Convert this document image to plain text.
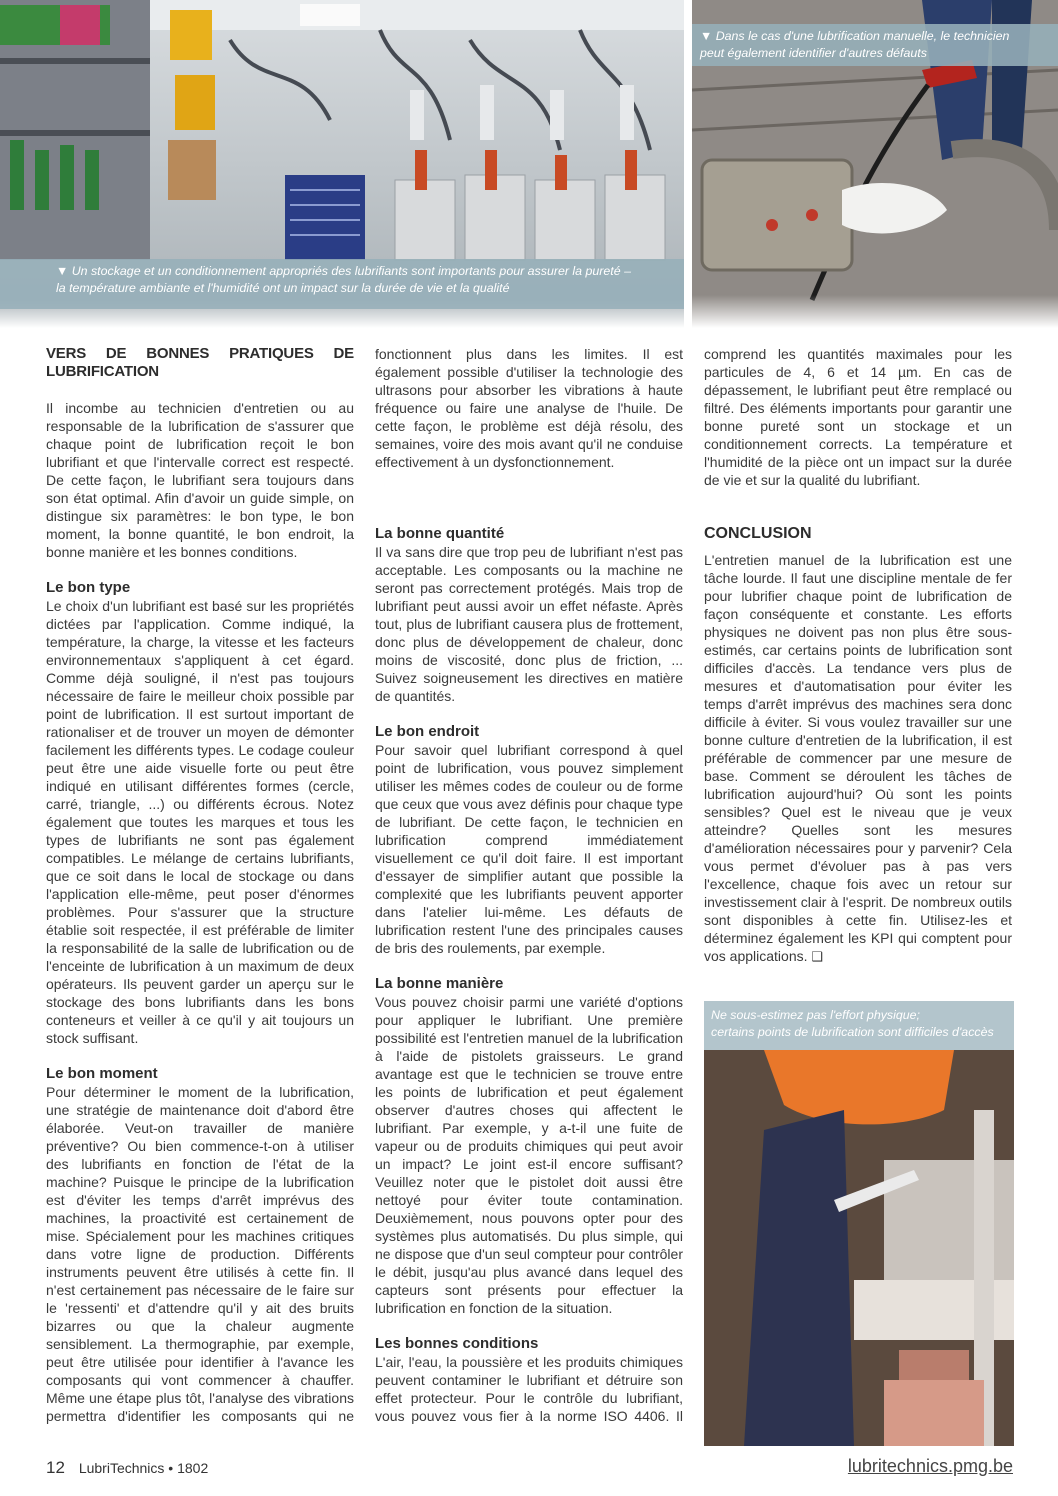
▼ Un stockage et un conditionnement appropriés des lubrifiants sont importants pour assurer la pureté –
la température ambiante et l'humidité ont un impact sur la durée de vie et la qualité
▼ Dans le cas d'une lubrification manuelle, le technicien
peut également identifier d'autres défauts
Ne sous-estimez pas l'effort physique;
certains points de lubrification sont difficiles d'accès
VERS DE BONNES PRATIQUES DE LUBRIFICATION

Il incombe au technicien d'entretien ou au responsable de la lubrification de s'assurer que chaque point de lubrification reçoit le bon lubrifiant et que l'intervalle correct est respecté. De cette façon, le lubrifiant sera toujours dans son état optimal. Afin d'avoir un guide simple, on distingue six paramètres: le bon type, le bon moment, la bonne quantité, le bon endroit, la bonne manière et les bonnes conditions.

Le bon type

Le choix d'un lubrifiant est basé sur les propriétés dictées par l'application. Comme indiqué, la température, la charge, la vitesse et les facteurs environnementaux s'appliquent à cet égard. Comme déjà souligné, il n'est pas toujours nécessaire de faire le meilleur choix possible par point de lubrification. Il est surtout important de rationaliser et de trouver un moyen de démonter facilement les différents types. Le codage couleur peut être une aide visuelle forte ou peut être indiqué en utilisant différentes formes (cercle, carré, triangle, ...) ou différents écrous. Notez également que toutes les marques et tous les types de lubrifiants ne sont pas également compatibles. Le mélange de certains lubrifiants, que ce soit dans le local de stockage ou dans l'application elle-même, peut poser d'énormes problèmes. Pour s'assurer que la structure établie soit respectée, il est préférable de limiter la responsabilité de la salle de lubrification ou de l'enceinte de lubrification à un maximum de deux opérateurs. Ils peuvent garder un aperçu sur le stockage des bons lubrifiants dans les bons conteneurs et veiller à ce qu'il y ait toujours un stock suffisant.

Le bon moment

Pour déterminer le moment de la lubrification, une stratégie de maintenance doit d'abord être élaborée. Veut-on travailler de manière préventive? Ou bien commence-t-on à utiliser des lubrifiants en fonction de l'état de la machine? Puisque le principe de la lubrification est d'éviter les temps d'arrêt imprévus des machines, la proactivité est certainement de mise. Spécialement pour les machines critiques dans votre ligne de production. Différents instruments peuvent être utilisés à cette fin. Il n'est certainement pas nécessaire de le faire sur le 'ressenti' et d'attendre qu'il y ait des bruits bizarres ou que la chaleur augmente sensiblement. La thermographie, par exemple, peut être utilisée pour identifier à l'avance les composants qui vont commencer à chauffer. Même une étape plus tôt, l'analyse des vibrations permettra d'identifier les composants qui ne

fonctionnent plus dans les limites. Il est également possible d'utiliser la technologie des ultrasons pour absorber les vibrations à haute fréquence ou faire une analyse de l'huile. De cette façon, le problème est déjà résolu, des semaines, voire des mois avant qu'il ne conduise effectivement à un dysfonctionnement.

La bonne quantité

Il va sans dire que trop peu de lubrifiant n'est pas acceptable. Les composants ou la machine ne seront pas correctement protégés. Mais trop de lubrifiant peut aussi avoir un effet néfaste. Après tout, plus de lubrifiant causera plus de frottement, donc plus de développement de chaleur, donc moins de viscosité, donc plus de friction, ... Suivez soigneusement les directives en matière de quantités.

Le bon endroit

Pour savoir quel lubrifiant correspond à quel point de lubrification, vous pouvez simplement utiliser les mêmes codes de couleur ou de forme que ceux que vous avez définis pour chaque type de lubrifiant. De cette façon, le technicien en lubrification comprend immédiatement visuellement ce qu'il doit faire. Il est important d'essayer de simplifier autant que possible la complexité que les lubrifiants peuvent apporter dans l'atelier lui-même. Les défauts de lubrification restent l'une des principales causes de bris des roulements, par exemple.

La bonne manière

Vous pouvez choisir parmi une variété d'options pour appliquer le lubrifiant. Une première possibilité est l'entretien manuel de la lubrification à l'aide de pistolets graisseurs. Le grand avantage est que le technicien se trouve entre les points de lubrification et peut également observer d'autres choses qui affectent le lubrifiant. Par exemple, y a-t-il une fuite de vapeur ou de produits chimiques qui peut avoir un impact? Le joint est-il encore suffisant? Veuillez noter que le pistolet doit aussi être nettoyé pour éviter toute contamination. Deuxièmement, nous pouvons opter pour des systèmes plus automatisés. Du plus simple, qui ne dispose que d'un seul compteur pour contrôler le débit, jusqu'au plus avancé dans lequel des capteurs sont présents pour effectuer la lubrification en fonction de la situation.

Les bonnes conditions

L'air, l'eau, la poussière et les produits chimiques peuvent contaminer le lubrifiant et détruire son effet protecteur. Pour le contrôle du lubrifiant, vous pouvez vous fier à la norme ISO 4406. Il

comprend les quantités maximales pour les particules de 4, 6 et 14 µm. En cas de dépassement, le lubrifiant peut être remplacé ou filtré. Des éléments importants pour garantir une bonne pureté sont un stockage et un conditionnement corrects. La température et l'humidité de la pièce ont un impact sur la durée de vie et sur la qualité du lubrifiant.

CONCLUSION

L'entretien manuel de la lubrification est une tâche lourde. Il faut une discipline mentale de fer pour lubrifier chaque point de lubrification de façon conséquente et constante. Les efforts physiques ne doivent pas non plus être sous-estimés, car certains points de lubrification sont difficiles d'accès. La tendance vers plus de mesures et d'automatisation pour éviter les temps d'arrêt imprévus des machines sera donc difficile à éviter. Si vous voulez travailler sur une bonne culture d'entretien de la lubrification, il est préférable de commencer par une mesure de base. Comment se déroulent les tâches de lubrification aujourd'hui? Où sont les points sensibles? Quel est le niveau que je veux atteindre? Quelles sont les mesures d'amélioration nécessaires pour y parvenir? Cela vous permet d'évoluer pas à pas vers l'excellence, chaque fois avec un retour sur investissement clair à l'esprit. De nombreux outils sont disponibles à cette fin. Utilisez-les et déterminez également les KPI qui comptent pour vos applications. ❑

12 LubriTechnics • 1802	lubritechnics.pmg.be
